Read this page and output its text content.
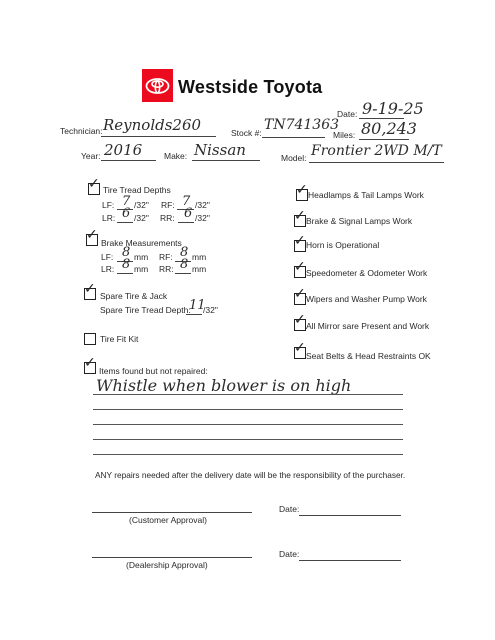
Westside Toyota
Date: 9-19-25
Technician: Reynolds260	Stock #: TN741363
Miles: 80,243
Year: 2016	Make: Nissan	Model: Frontier 2WD M/T
✓ Tire Tread Depths
LF: 7 /32" RF: 7 /32"
LR: 6 /32" RR: 6 /32"
✓ Brake Measurements
LF: 8 mm RF: 8 mm
LR: 8 mm RR: 8 mm
✓ Spare Tire & Jack
Spare Tire Tread Depth:
11
/32"
Tire Fit Kit
✓ Items found but not repaired:
Whistle when blower is on high
✓ Headlamps & Tail Lamps Work
✓ Brake & Signal Lamps Work
✓ Horn is Operational
✓ Speedometer & Odometer Work
✓ Wipers and Washer Pump Work
✓ All Mirror sare Present and Work
✓ Seat Belts & Head Restraints OK
ANY repairs needed after the delivery date will be the responsibility of the purchaser.
(Customer Approval)
Date:
(Dealership Approval)
Date:
